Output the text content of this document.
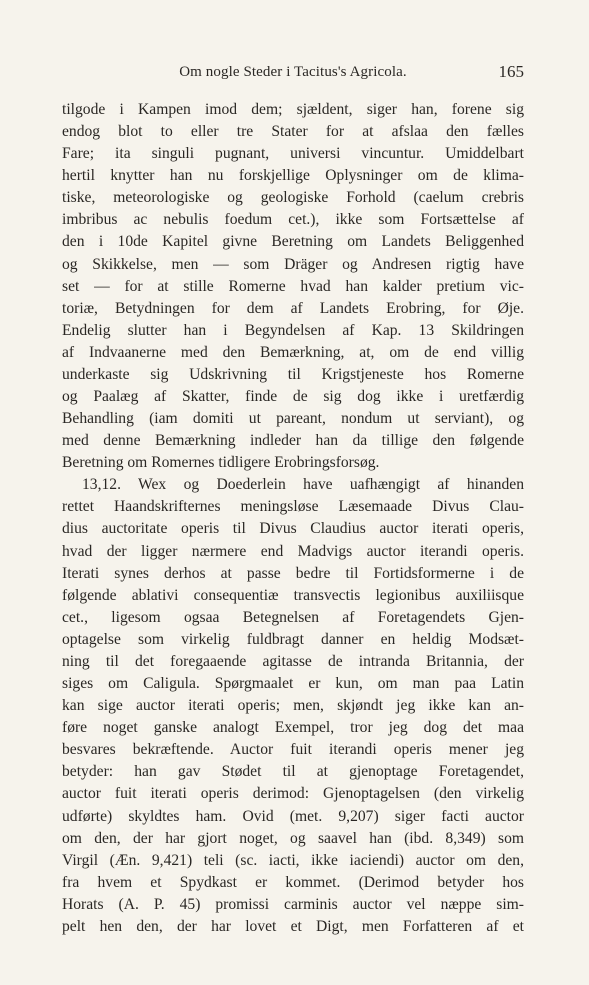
Om nogle Steder i Tacitus's Agricola.	165
tilgode i Kampen imod dem; sjældent, siger han, forene sig
endog blot to eller tre Stater for at afslaa den fælles
Fare; ita singuli pugnant, universi vincuntur. Umiddelbart
hertil knytter han nu forskjellige Oplysninger om de klima-
tiske, meteorologiske og geologiske Forhold (caelum crebris
imbribus ac nebulis foedum cet.), ikke som Fortsættelse af
den i 10de Kapitel givne Beretning om Landets Beliggenhed
og Skikkelse, men — som Dräger og Andresen rigtig have
set — for at stille Romerne hvad han kalder pretium vic-
toriæ, Betydningen for dem af Landets Erobring, for Øje.
Endelig slutter han i Begyndelsen af Kap. 13 Skildringen
af Indvaanerne med den Bemærkning, at, om de end villig
underkaste sig Udskrivning til Krigstjeneste hos Romerne
og Paalæg af Skatter, finde de sig dog ikke i uretfærdig
Behandling (iam domiti ut pareant, nondum ut serviant), og
med denne Bemærkning indleder han da tillige den følgende
Beretning om Romernes tidligere Erobringsforsøg.
13,12. Wex og Doederlein have uafhængigt af hinanden
rettet Haandskrifternes meningsløse Læsemaade Divus Clau-
dius auctoritate operis til Divus Claudius auctor iterati operis,
hvad der ligger nærmere end Madvigs auctor iterandi operis.
Iterati synes derhos at passe bedre til Fortidsformerne i de
følgende ablativi consequentiæ transvectis legionibus auxiliisque
cet., ligesom ogsaa Betegnelsen af Foretagendets Gjen-
optagelse som virkelig fuldbragt danner en heldig Modsæt-
ning til det foregaaende agitasse de intranda Britannia, der
siges om Caligula. Spørgmaalet er kun, om man paa Latin
kan sige auctor iterati operis; men, skjøndt jeg ikke kan an-
føre noget ganske analogt Exempel, tror jeg dog det maa
besvares bekræftende. Auctor fuit iterandi operis mener jeg
betyder: han gav Stødet til at gjenoptage Foretagendet,
auctor fuit iterati operis derimod: Gjenoptagelsen (den virkelig
udførte) skyldtes ham. Ovid (met. 9,207) siger facti auctor
om den, der har gjort noget, og saavel han (ibd. 8,349) som
Virgil (Æn. 9,421) teli (sc. iacti, ikke iaciendi) auctor om den,
fra hvem et Spydkast er kommet. (Derimod betyder hos
Horats (A. P. 45) promissi carminis auctor vel næppe sim-
pelt hen den, der har lovet et Digt, men Forfatteren af et
